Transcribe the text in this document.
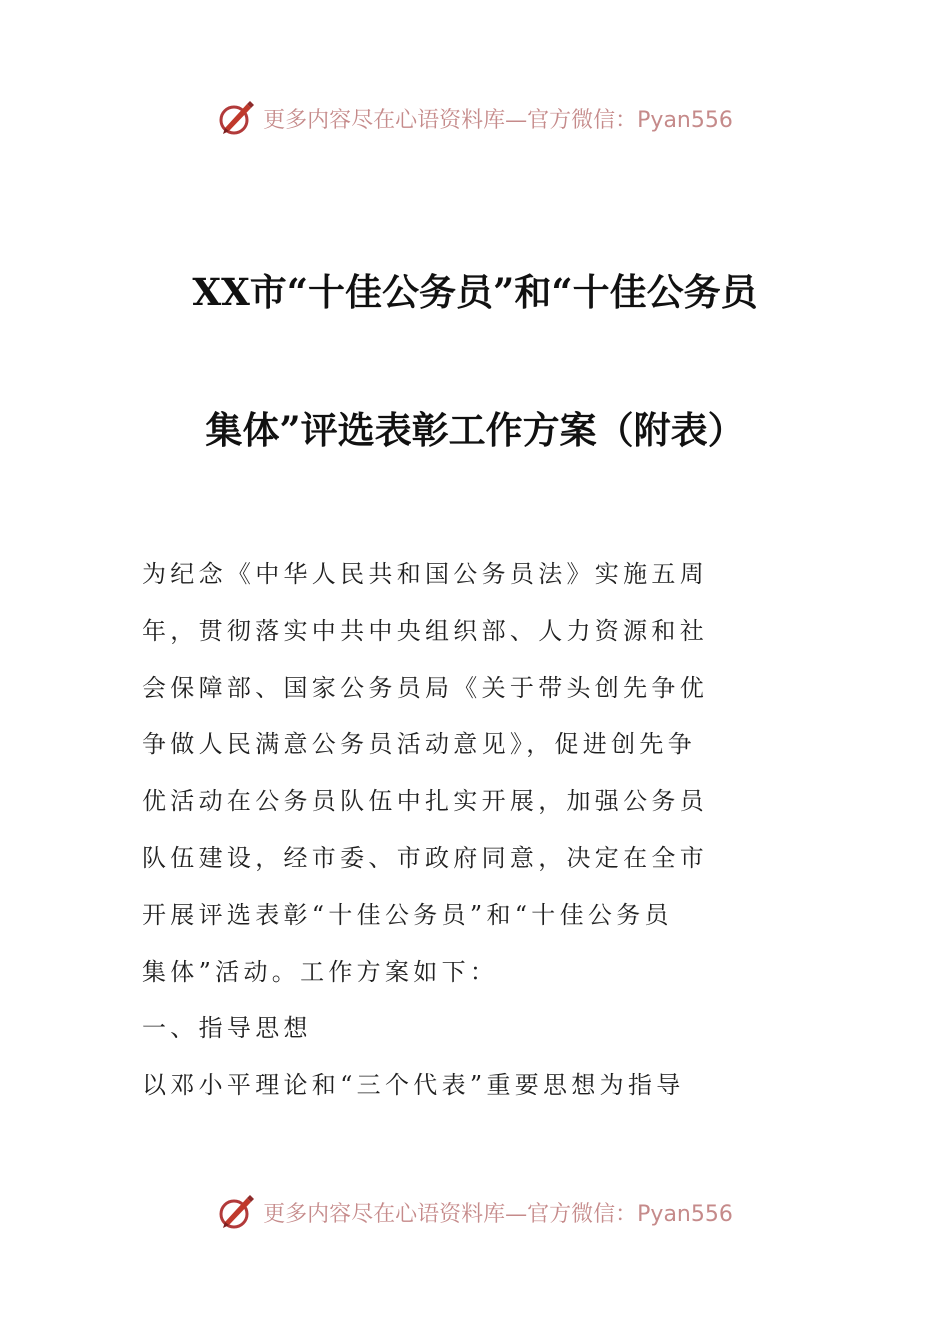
更多内容尽在心语资料库—官方微信：Pyan556
XX市“十佳公务员”和“十佳公务员
集体”评选表彰工作方案（附表）
为纪念《中华人民共和国公务员法》实施五周
年，贯彻落实中共中央组织部、人力资源和社
会保障部、国家公务员局《关于带头创先争优
争做人民满意公务员活动意见》，促进创先争
优活动在公务员队伍中扎实开展，加强公务员
队伍建设，经市委、市政府同意，决定在全市
开展评选表彰“十佳公务员”和“十佳公务员
集体”活动。工作方案如下：
一、指导思想
以邓小平理论和“三个代表”重要思想为指导
更多内容尽在心语资料库—官方微信：Pyan556
